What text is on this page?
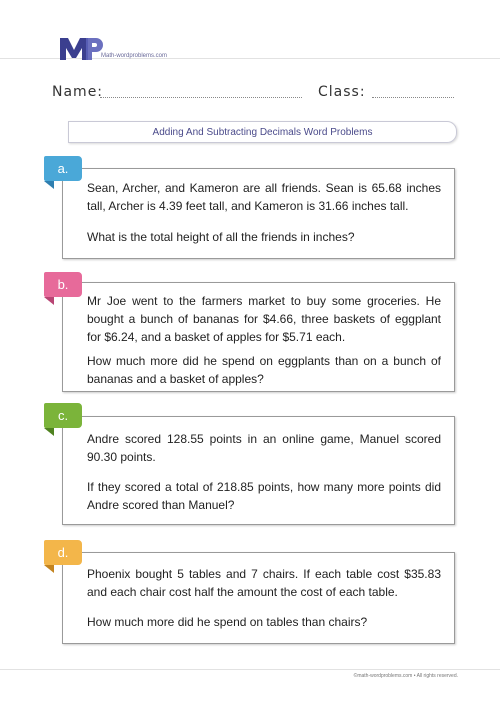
Math-wordproblems.com
Name:	Class:
Adding And Subtracting Decimals Word Problems

Sean, Archer, and Kameron are all friends. Sean is 65.68 inches tall, Archer is 4.39 feet tall, and Kameron is 31.66 inches tall.

What is the total height of all the friends in inches?

a.

Mr Joe went to the farmers market to buy some groceries. He bought a bunch of bananas for $4.66, three baskets of eggplant for $6.24, and a basket of apples for $5.71 each.

How much more did he spend on eggplants than on a bunch of bananas and a basket of apples?

b.

Andre scored 128.55 points in an online game, Manuel scored 90.30 points.

If they scored a total of 218.85 points, how many more points did Andre scored than Manuel?

c.

Phoenix bought 5 tables and 7 chairs. If each table cost $35.83 and each chair cost half the amount the cost of each table.

How much more did he spend on tables than chairs?

d.
©math-wordproblems.com • All rights reserved.
